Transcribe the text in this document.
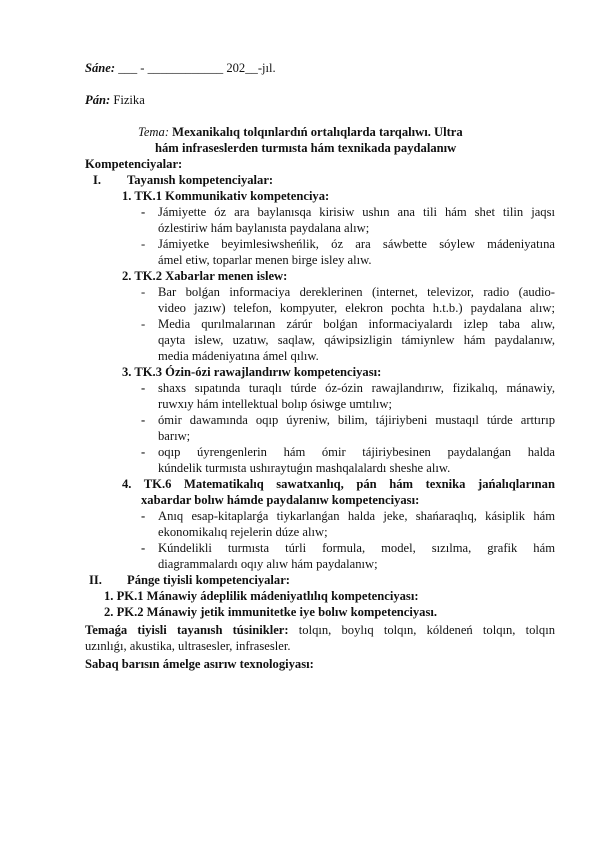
Sáne: ___ - ____________ 202__-jıl.
Pán: Fizika
Tema: Mexanikalıq tolqınlardıń ortalıqlarda tarqalıwı. Ultra
hám infraseslerden turmısta hám texnikada paydalanıw
Kompetenciyalar:
I. Tayanısh kompetenciyalar:
1. TK.1 Kommunikativ kompetenciya:
- Jámiyette óz ara baylanısqa kirisiw ushın ana tili hám shet tilin jaqsı
ózlestiriw hám baylanısta paydalana alıw;
- Jámiyetke beyimlesiwsheńlik, óz ara sáwbette sóylew mádeniyatına
ámel etiw, toparlar menen birge isley alıw.
2. TK.2 Xabarlar menen islew:
- Bar bolǵan informaciya dereklerinen (internet, televizor, radio (audio-
video jazıw) telefon, kompyuter, elekron pochta h.t.b.) paydalana alıw;
- Media qurılmalarınan zárúr bolǵan informaciyalardı izlep taba alıw,
qayta islew, uzatıw, saqlaw, qáwipsizligin támiynlew hám paydalanıw,
media mádeniyatına ámel qılıw.
3. TK.3 Ózin-ózi rawajlandırıw kompetenciyası:
- shaxs sıpatında turaqlı túrde óz-ózin rawajlandırıw, fizikalıq, mánawiy,
ruwxıy hám intellektual bolıp ósiwge umtılıw;
- ómir dawamında oqıp úyreniw, bilim, tájiriybeni mustaqıl túrde arttırıp
barıw;
- oqıp úyrengenlerin hám ómir tájiriybesinen paydalanǵan halda
kúndelik turmısta ushıraytuǵın mashqalalardı sheshe alıw.
4. TK.6 Matematikalıq sawatxanlıq, pán hám texnika jańalıqlarınan
xabardar bolıw hámde paydalanıw kompetenciyası:
- Anıq esap-kitaplarǵa tiykarlanǵan halda jeke, shańaraqlıq, kásiplik hám
ekonomikalıq rejelerin dúze alıw;
- Kúndelikli turmısta túrli formula, model, sızılma, grafik hám
diagrammalardı oqıy alıw hám paydalanıw;
II. Pánge tiyisli kompetenciyalar:
1. PK.1 Mánawiy ádeplilik mádeniyatlılıq kompetenciyası:
2. PK.2 Mánawiy jetik immunitetke iye bolıw kompetenciyası.
Temaǵa tiyisli tayanısh túsinikler: tolqın, boylıq tolqın, kóldeneń tolqın, tolqın
uzınlıǵı, akustika, ultrasesler, infrasesler.
Sabaq barısın ámelge asırıw texnologiyası:
